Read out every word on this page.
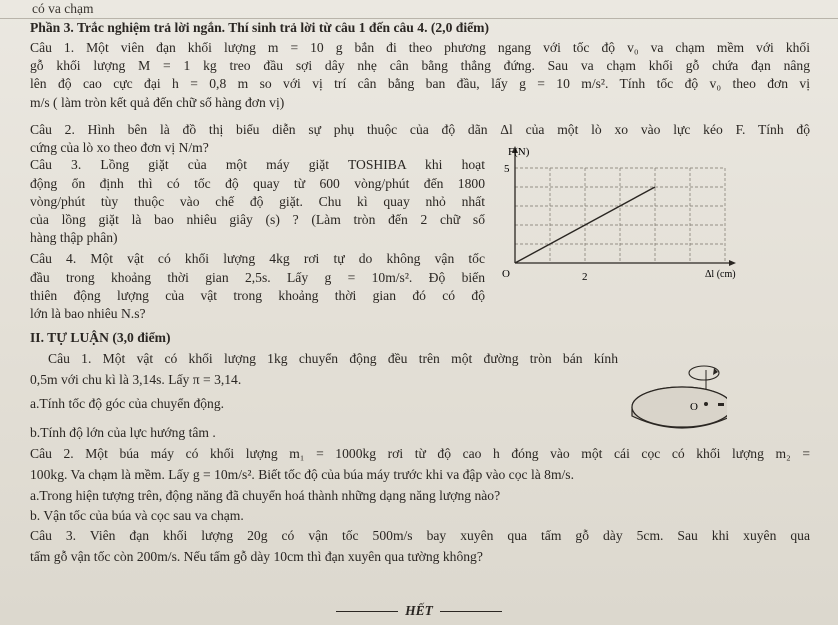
có va chạm
Phần 3. Trắc nghiệm trả lời ngắn. Thí sinh trả lời từ câu 1 đến câu 4. (2,0 điểm)
Câu 1. Một viên đạn khối lượng m = 10 g bắn đi theo phương ngang với tốc độ v₀ va chạm mềm với khối
gỗ khối lượng M = 1 kg treo đầu sợi dây nhẹ cân bằng thẳng đứng. Sau va chạm khối gỗ chứa đạn nâng
lên độ cao cực đại h = 0,8 m so với vị trí cân bằng ban đầu, lấy g = 10 m/s². Tính tốc độ v₀ theo đơn vị
m/s ( làm tròn kết quả đến chữ số hàng đơn vị)
Câu 2. Hình bên là đồ thị biểu diễn sự phụ thuộc của độ dãn Δl của một lò xo vào lực kéo F. Tính độ
cứng của lò xo theo đơn vị N/m?
Câu 3. Lồng giặt của một máy giặt TOSHIBA khi hoạt
động ổn định thì có tốc độ quay từ 600 vòng/phút đến 1800
vòng/phút tùy thuộc vào chế độ giặt. Chu kì quay nhỏ nhất
của lồng giặt là bao nhiêu giây (s) ? (Làm tròn đến 2 chữ số
hàng thập phân)
Câu 4. Một vật có khối lượng 4kg rơi tự do không vận tốc
đầu trong khoảng thời gian 2,5s. Lấy g = 10m/s². Độ biến
thiên động lượng của vật trong khoảng thời gian đó có độ
lớn là bao nhiêu N.s?
II. TỰ LUẬN (3,0 điểm)
Câu 1. Một vật có khối lượng 1kg chuyển động đều trên một đường tròn bán kính
0,5m với chu kì là 3,14s. Lấy π = 3,14.
a.Tính tốc độ góc của chuyển động.
b.Tính độ lớn của lực hướng tâm .
Câu 2. Một búa máy có khối lượng m₁ = 1000kg rơi từ độ cao h đóng vào một cái cọc có khối lượng m₂ =
100kg. Va chạm là mềm. Lấy g = 10m/s². Biết tốc độ của búa máy trước khi va đập vào cọc là 8m/s.
a.Trong hiện tượng trên, động năng đã chuyển hoá thành những dạng năng lượng nào?
b. Vận tốc của búa và cọc sau va chạm.
Câu 3. Viên đạn khối lượng 20g có vận tốc 500m/s bay xuyên qua tấm gỗ dày 5cm. Sau khi xuyên qua
tấm gỗ vận tốc còn 200m/s. Nếu tấm gỗ dày 10cm thì đạn xuyên qua tường không?
F(N)
5
O	2	Δl (cm)
O
HẾT
